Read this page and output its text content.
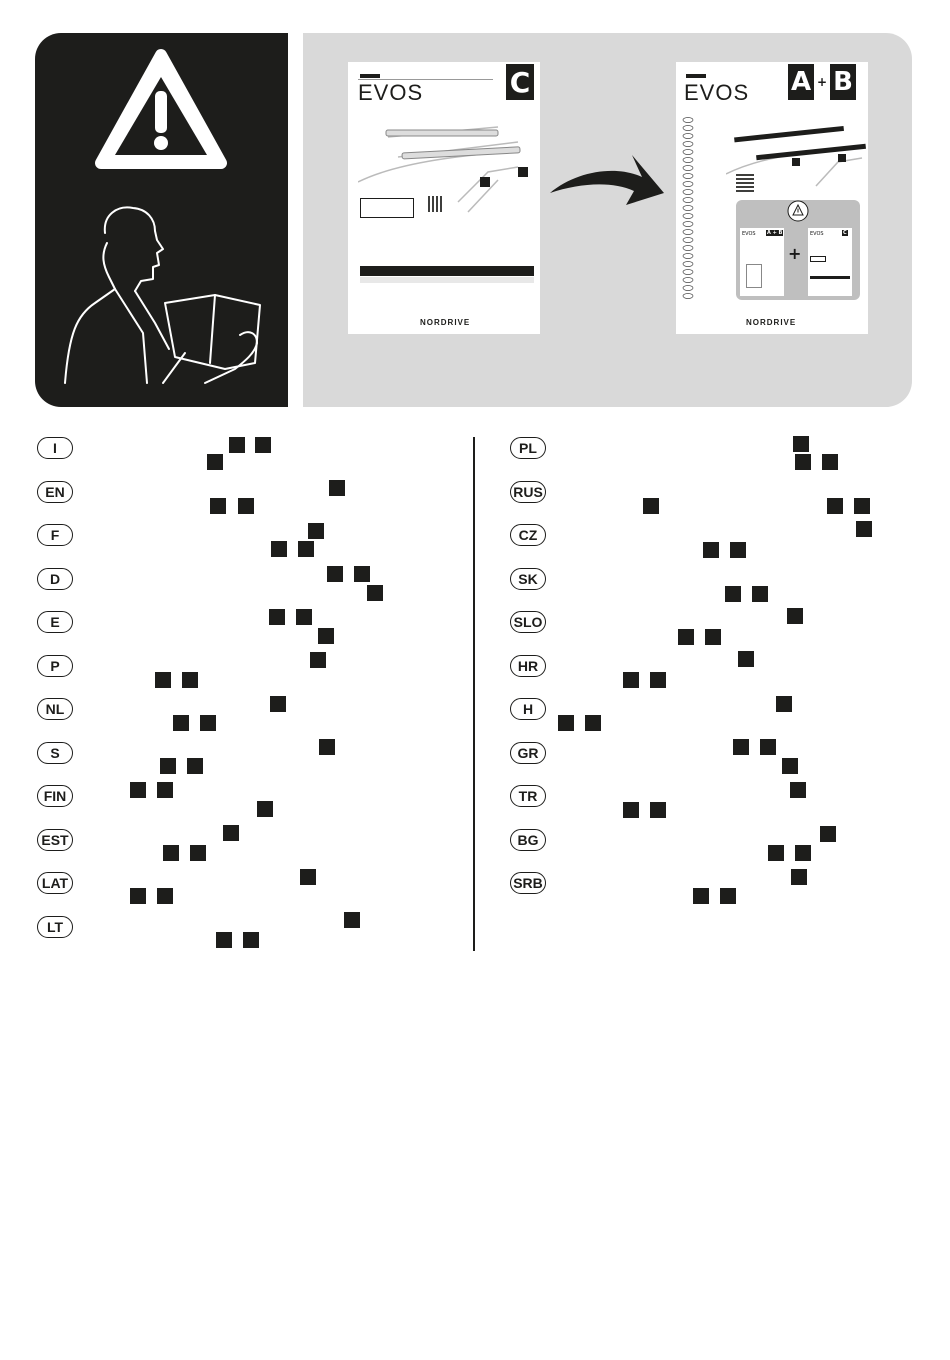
EVOS	C
NORDRIVE
EVOS A + B
EVOS A + B
+
EVOS	C
NORDRIVE
I
EN
F
D
E
P
NL
S
FIN
EST
LAT
LT
PL
RUS
CZ
SK
SLO
HR
H
GR
TR
BG
SRB
